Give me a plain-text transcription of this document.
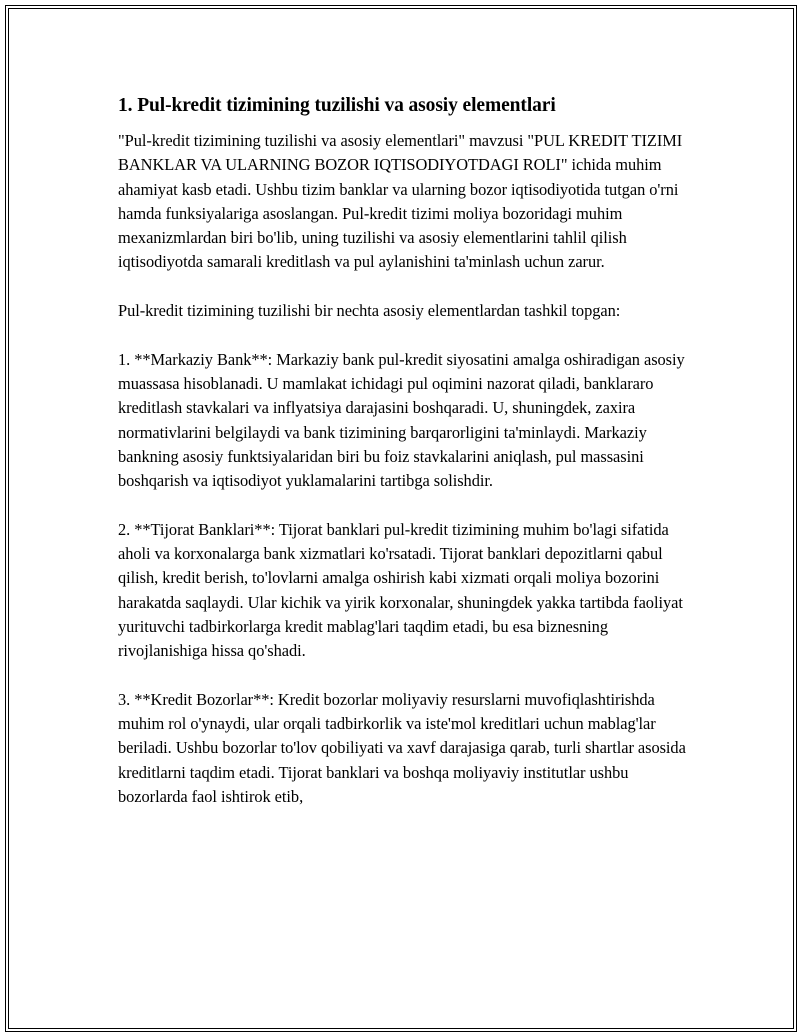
1. Pul-kredit tizimining tuzilishi va asosiy elementlari

"Pul-kredit tizimining tuzilishi va asosiy elementlari" mavzusi "PUL KREDIT TIZIMI BANKLAR VA ULARNING BOZOR IQTISODIYOTDAGI ROLI" ichida muhim ahamiyat kasb etadi. Ushbu tizim banklar va ularning bozor iqtisodiyotida tutgan o'rni hamda funksiyalariga asoslangan. Pul-kredit tizimi moliya bozoridagi muhim mexanizmlardan biri bo'lib, uning tuzilishi va asosiy elementlarini tahlil qilish iqtisodiyotda samarali kreditlash va pul aylanishini ta'minlash uchun zarur.

Pul-kredit tizimining tuzilishi bir nechta asosiy elementlardan tashkil topgan:

1. **Markaziy Bank**: Markaziy bank pul-kredit siyosatini amalga oshiradigan asosiy muassasa hisoblanadi. U mamlakat ichidagi pul oqimini nazorat qiladi, banklararo kreditlash stavkalari va inflyatsiya darajasini boshqaradi. U, shuningdek, zaxira normativlarini belgilaydi va bank tizimining barqarorligini ta'minlaydi. Markaziy bankning asosiy funktsiyalaridan biri bu foiz stavkalarini aniqlash, pul massasini boshqarish va iqtisodiyot yuklamalarini tartibga solishdir.

2. **Tijorat Banklari**: Tijorat banklari pul-kredit tizimining muhim bo'lagi sifatida aholi va korxonalarga bank xizmatlari ko'rsatadi. Tijorat banklari depozitlarni qabul qilish, kredit berish, to'lovlarni amalga oshirish kabi xizmati orqali moliya bozorini harakatda saqlaydi. Ular kichik va yirik korxonalar, shuningdek yakka tartibda faoliyat yurituvchi tadbirkorlarga kredit mablag'lari taqdim etadi, bu esa biznesning rivojlanishiga hissa qo'shadi.

3. **Kredit Bozorlar**: Kredit bozorlar moliyaviy resurslarni muvofiqlashtirishda muhim rol o'ynaydi, ular orqali tadbirkorlik va iste'mol kreditlari uchun mablag'lar beriladi. Ushbu bozorlar to'lov qobiliyati va xavf darajasiga qarab, turli shartlar asosida kreditlarni taqdim etadi. Tijorat banklari va boshqa moliyaviy institutlar ushbu bozorlarda faol ishtirok etib,
